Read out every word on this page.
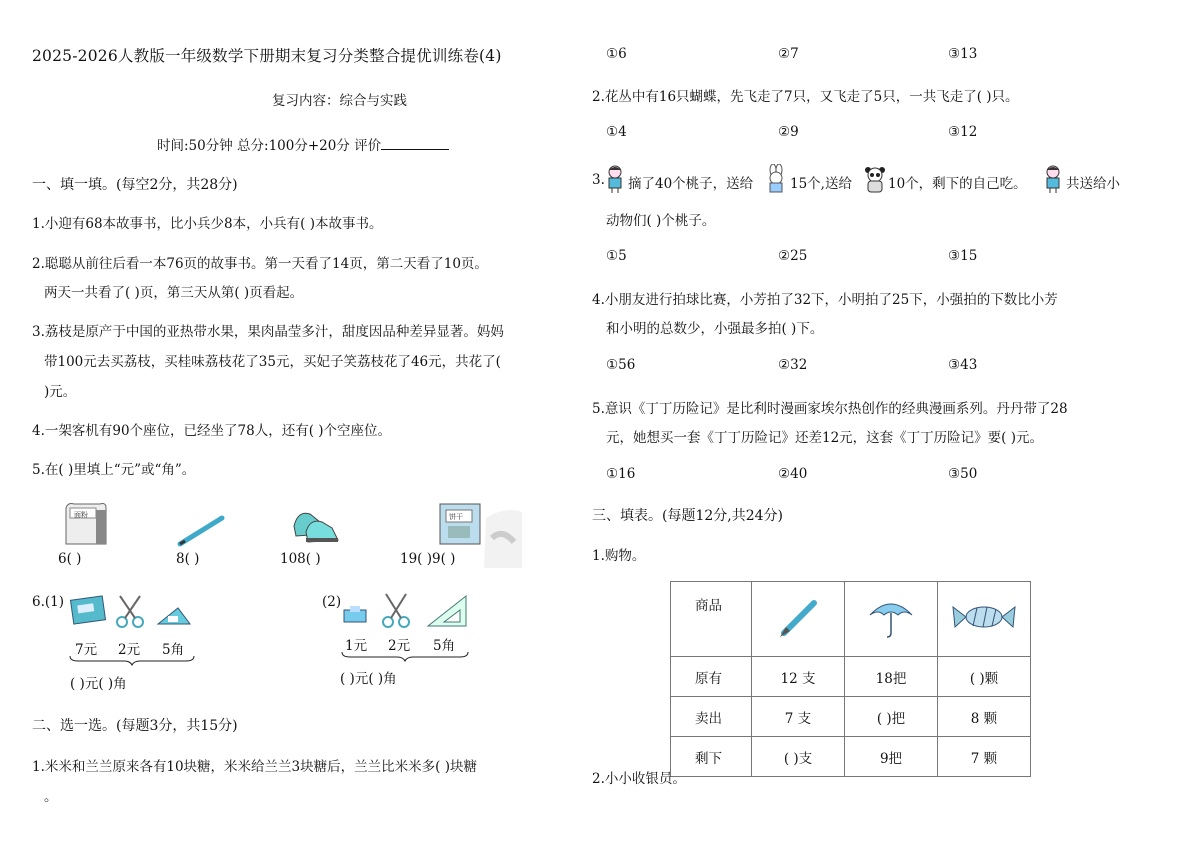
2025-2026人教版一年级数学下册期末复习分类整合提优训练卷(4)
复习内容：综合与实践
时间:50分钟 总分:100分+20分 评价
一、填一填。(每空2分，共28分)
1.小迎有68本故事书，比小兵少8本，小兵有( )本故事书。
2.聪聪从前往后看一本76页的故事书。第一天看了14页，第二天看了10页。
两天一共看了( )页，第三天从第( )页看起。
3.荔枝是原产于中国的亚热带水果，果肉晶莹多汁，甜度因品种差异显著。妈妈
带100元去买荔枝，买桂味荔枝花了35元，买妃子笑荔枝花了46元，共花了(
)元。
4.一架客机有90个座位，已经坐了78人，还有( )个空座位。
5.在( )里填上“元”或“角”。
面粉	饼干
6( )	8( )	108( )	19( )9( )
6.(1)
7元 2元 5角
( )元( )角
(2)
1元 2元 5角
( )元( )角
二、选一选。(每题3分，共15分)
1.米米和兰兰原来各有10块糖，米米给兰兰3块糖后，兰兰比米米多( )块糖
。
①6	②7	③13
2.花丛中有16只蝴蝶，先飞走了7只，又飞走了5只，一共飞走了( )只。
①4	②9	③12
3. 摘了40个桃子，送给	15个,送给	10个，剩下的自己吃。	共送给小
动物们( )个桃子。
①5	②25	③15
4.小朋友进行拍球比赛，小芳拍了32下，小明拍了25下，小强拍的下数比小芳
和小明的总数少，小强最多拍( )下。
①56	②32	③43
5.意识《丁丁历险记》是比利时漫画家埃尔热创作的经典漫画系列。丹丹带了28
元，她想买一套《丁丁历险记》还差12元，这套《丁丁历险记》要( )元。
①16	②40	③50
三、填表。(每题12分,共24分)
1.购物。
商品			
原有	12 支	18把	( )颗
卖出	7 支	( )把	8 颗
剩下	( )支	9把	7 颗
2.小小收银员。
